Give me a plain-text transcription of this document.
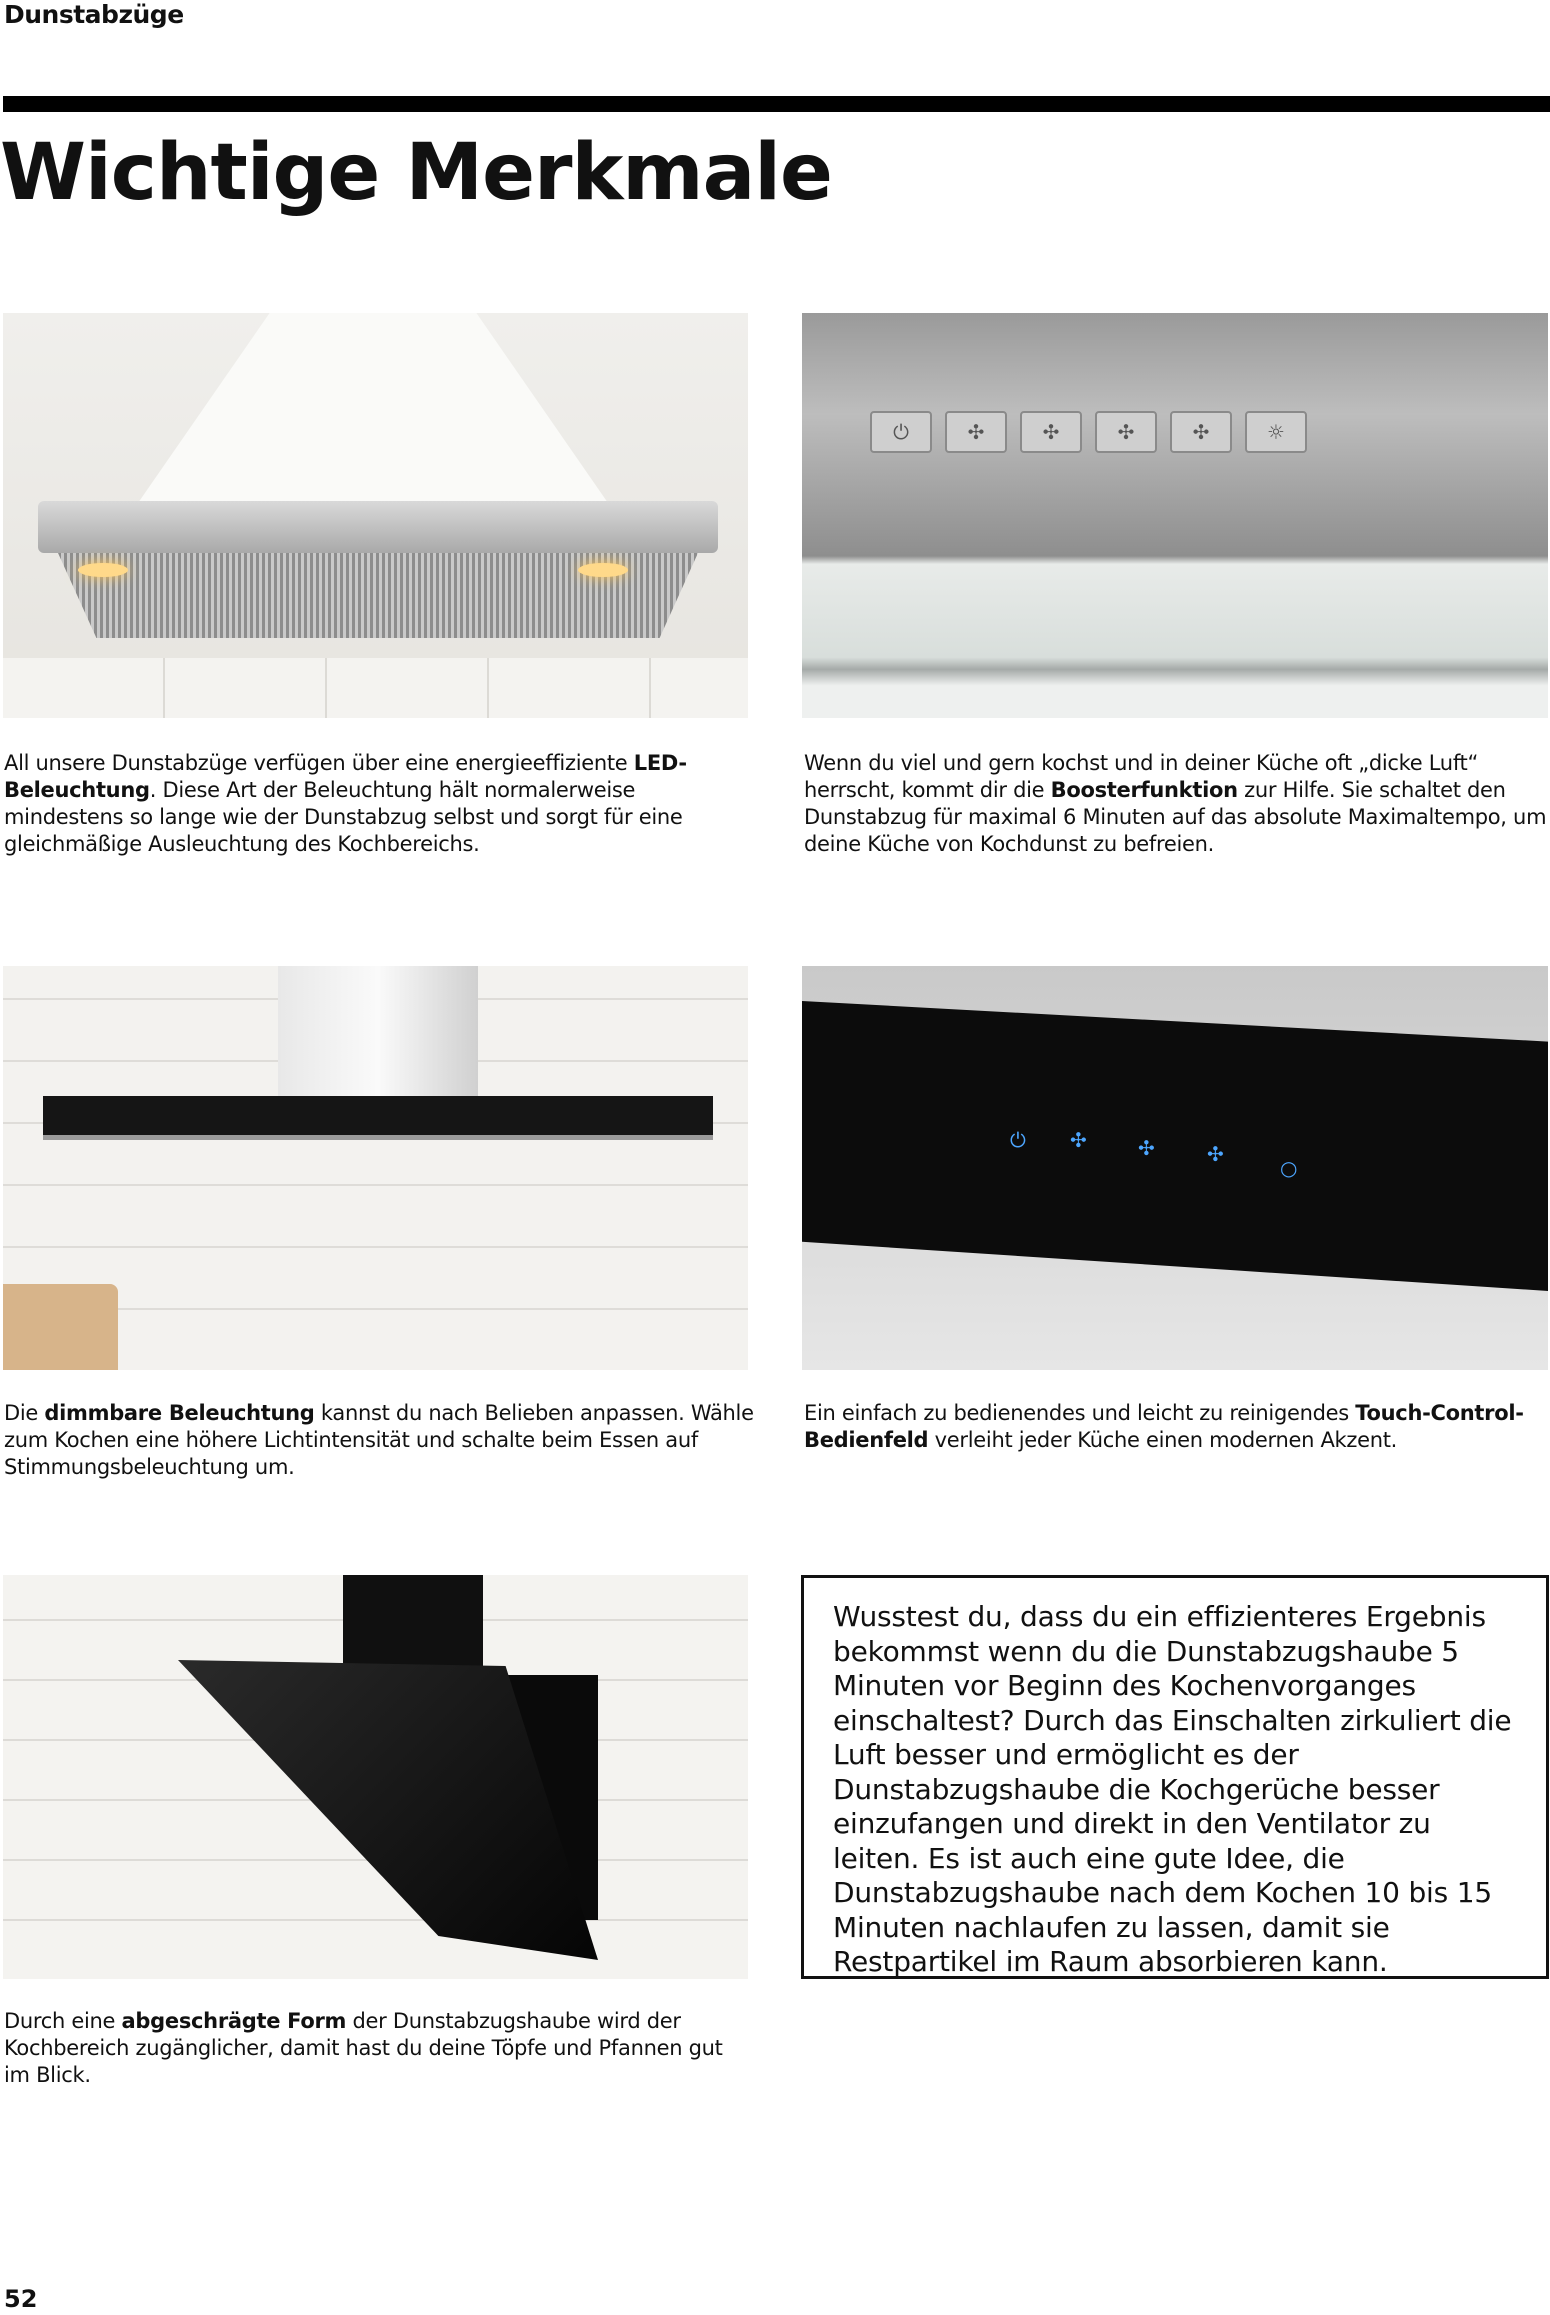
Dunstabzüge
Wichtige Merkmale
⏻	✣	✣	✣	✣	☼
All unsere Dunstabzüge verfügen über eine energieeffiziente LED-Beleuchtung. Diese Art der Beleuchtung hält normalerweise mindestens so lange wie der Dunstabzug selbst und sorgt für eine gleichmäßige Ausleuchtung des Kochbereichs.
Wenn du viel und gern kochst und in deiner Küche oft „dicke Luft“ herrscht, kommt dir die Boosterfunktion zur Hilfe. Sie schaltet den Dunstabzug für maximal 6 Minuten auf das absolute Maximaltempo, um deine Küche von Kochdunst zu befreien.
⏻ ✣	✣	✣
○
Die dimmbare Beleuchtung kannst du nach Belieben anpassen. Wähle zum Kochen eine höhere Lichtintensität und schalte beim Essen auf Stimmungsbeleuchtung um.
Ein einfach zu bedienendes und leicht zu reinigendes Touch-Control-Bedienfeld verleiht jeder Küche einen modernen Akzent.
Wusstest du, dass du ein effizienteres Ergebnis bekommst wenn du die Dunstabzugshaube 5 Minuten vor Beginn des Kochenvorganges einschaltest? Durch das Einschalten zirkuliert die Luft besser und ermöglicht es der Dunstabzugshaube die Kochgerüche besser einzufangen und direkt in den Ventilator zu leiten. Es ist auch eine gute Idee, die Dunstabzugshaube nach dem Kochen 10 bis 15 Minuten nachlaufen zu lassen, damit sie Restpartikel im Raum absorbieren kann.
Durch eine abgeschrägte Form der Dunstabzugshaube wird der Kochbereich zugänglicher, damit hast du deine Töpfe und Pfannen gut im Blick.
52
